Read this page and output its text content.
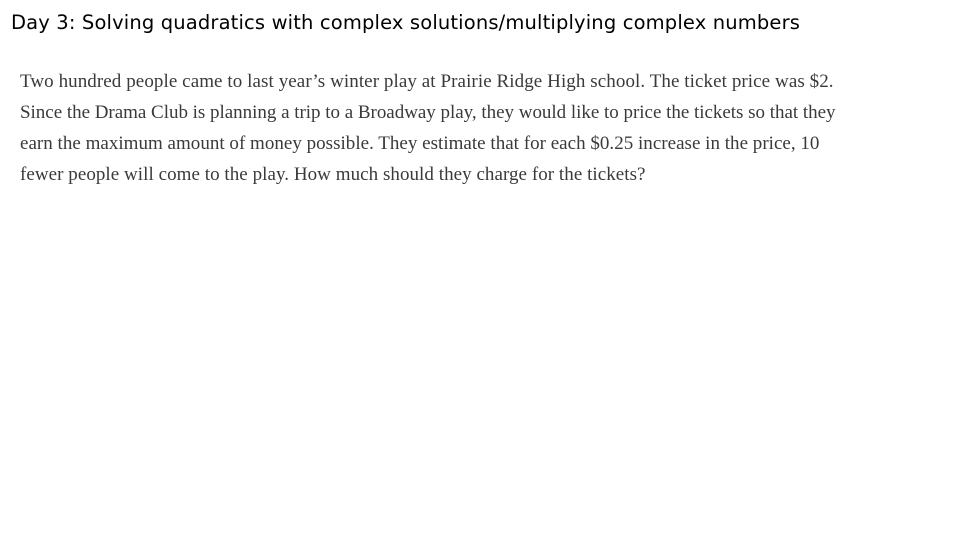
Day 3: Solving quadratics with complex solutions/multiplying complex numbers
Two hundred people came to last year’s winter play at Prairie Ridge High school. The ticket price was $2.
Since the Drama Club is planning a trip to a Broadway play, they would like to price the tickets so that they
earn the maximum amount of money possible. They estimate that for each $0.25 increase in the price, 10
fewer people will come to the play. How much should they charge for the tickets?
